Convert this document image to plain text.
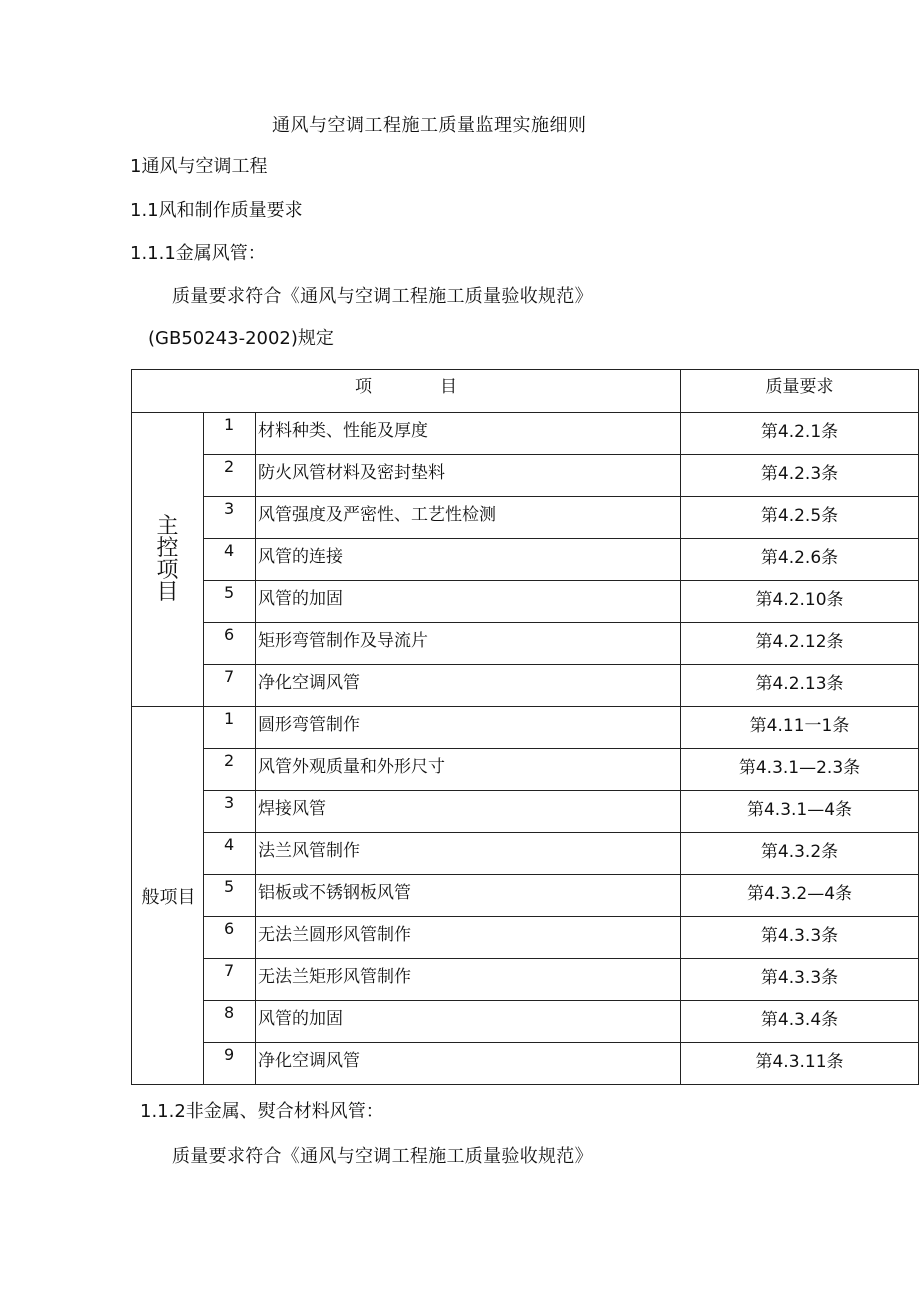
通风与空调工程施工质量监理实施细则
1通风与空调工程
1.1风和制作质量要求
1.1.1金属风管：
质量要求符合《通风与空调工程施工质量验收规范》
(GB50243-2002)规定
项　　　　目			质量要求
主控项目	1	材料种类、性能及厚度	第4.2.1条
	2	防火风管材料及密封垫料	第4.2.3条
	3	风管强度及严密性、工艺性检测	第4.2.5条
	4	风管的连接	第4.2.6条
	5	风管的加固	第4.2.10条
	6	矩形弯管制作及导流片	第4.2.12条
	7	净化空调风管	第4.2.13条
般项目	1	圆形弯管制作	第4.11一1条
	2	风管外观质量和外形尺寸	第4.3.1—2.3条
	3	焊接风管	第4.3.1—4条
	4	法兰风管制作	第4.3.2条
	5	铝板或不锈钢板风管	第4.3.2—4条
	6	无法兰圆形风管制作	第4.3.3条
	7	无法兰矩形风管制作	第4.3.3条
	8	风管的加固	第4.3.4条
	9	净化空调风管	第4.3.11条
1.1.2非金属、熨合材料风管：
质量要求符合《通风与空调工程施工质量验收规范》
